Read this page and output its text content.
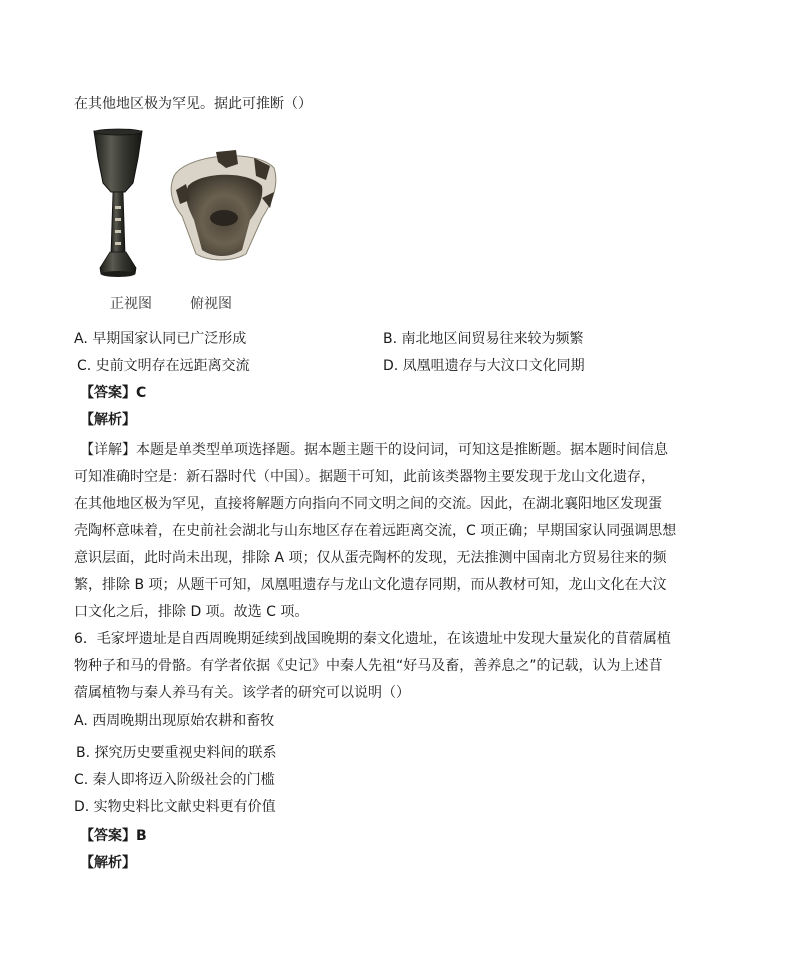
在其他地区极为罕见。据此可推断（）
正视图	俯视图
A. 早期国家认同已广泛形成	B. 南北地区间贸易往来较为频繁
C. 史前文明存在远距离交流	D. 凤凰咀遗存与大汶口文化同期
【答案】C
【解析】
【详解】本题是单类型单项选择题。据本题主题干的设问词，可知这是推断题。据本题时间信息
可知准确时空是：新石器时代（中国）。据题干可知，此前该类器物主要发现于龙山文化遗存，
在其他地区极为罕见，直接将解题方向指向不同文明之间的交流。因此，在湖北襄阳地区发现蛋
壳陶杯意味着，在史前社会湖北与山东地区存在着远距离交流，C 项正确；早期国家认同强调思想
意识层面，此时尚未出现，排除 A 项；仅从蛋壳陶杯的发现，无法推测中国南北方贸易往来的频
繁，排除 B 项；从题干可知，凤凰咀遗存与龙山文化遗存同期，而从教材可知，龙山文化在大汶
口文化之后，排除 D 项。故选 C 项。
6．毛家坪遗址是自西周晚期延续到战国晚期的秦文化遗址，在该遗址中发现大量炭化的苜蓿属植
物种子和马的骨骼。有学者依据《史记》中秦人先祖“好马及畜，善养息之”的记载，认为上述苜
蓿属植物与秦人养马有关。该学者的研究可以说明（）
A. 西周晚期出现原始农耕和畜牧
B. 探究历史要重视史料间的联系
C. 秦人即将迈入阶级社会的门槛
D. 实物史料比文献史料更有价值
【答案】B
【解析】
